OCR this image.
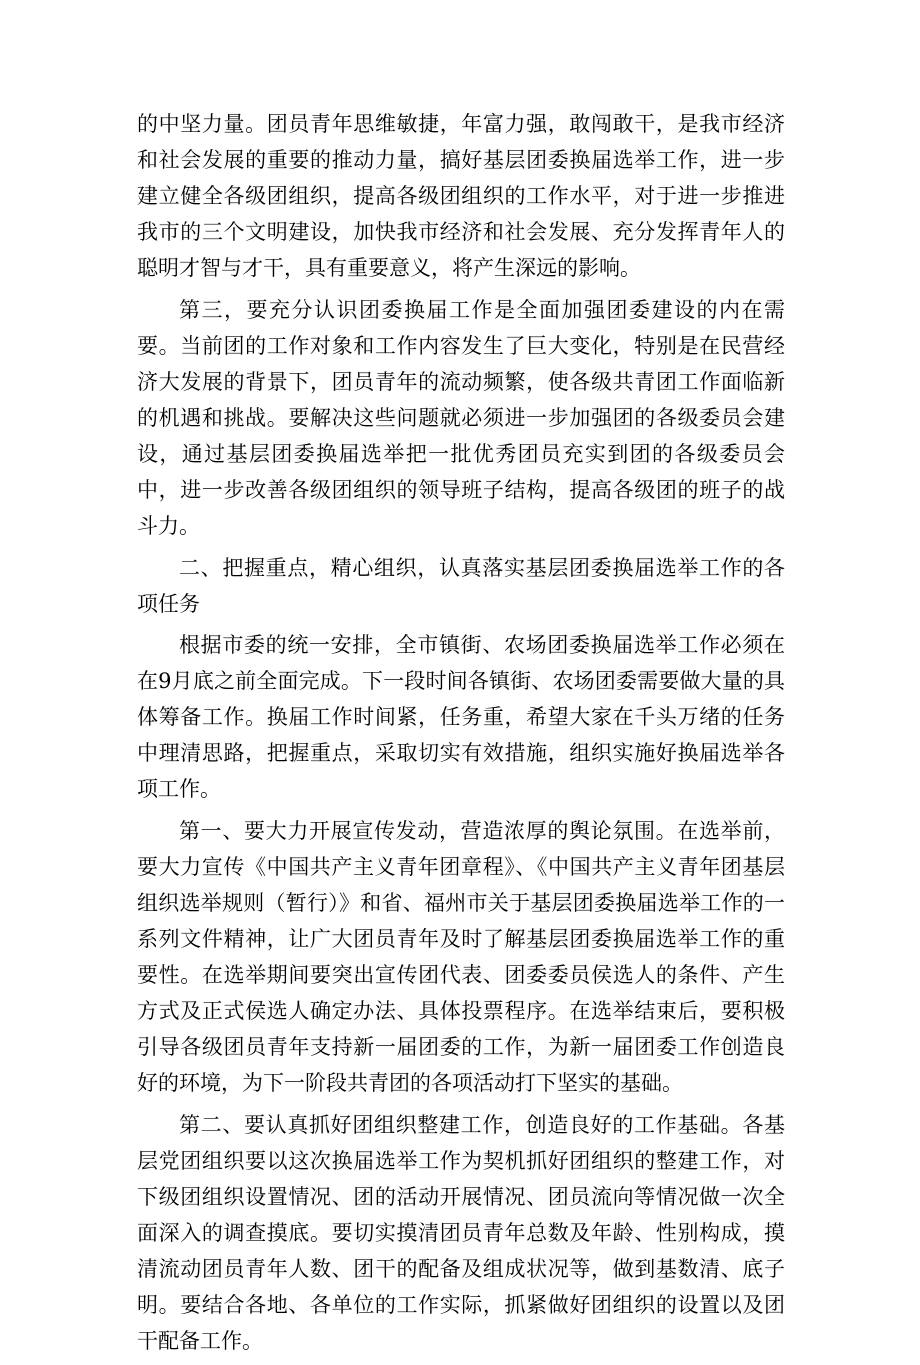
的中坚力量。团员青年思维敏捷，年富力强，敢闯敢干，是我市经济和社会发展的重要的推动力量，搞好基层团委换届选举工作，进一步建立健全各级团组织，提高各级团组织的工作水平，对于进一步推进我市的三个文明建设，加快我市经济和社会发展、充分发挥青年人的聪明才智与才干，具有重要意义，将产生深远的影响。

第三，要充分认识团委换届工作是全面加强团委建设的内在需要。当前团的工作对象和工作内容发生了巨大变化，特别是在民营经济大发展的背景下，团员青年的流动频繁，使各级共青团工作面临新的机遇和挑战。要解决这些问题就必须进一步加强团的各级委员会建设，通过基层团委换届选举把一批优秀团员充实到团的各级委员会中，进一步改善各级团组织的领导班子结构，提高各级团的班子的战斗力。

二、把握重点，精心组织，认真落实基层团委换届选举工作的各项任务

根据市委的统一安排，全市镇街、农场团委换届选举工作必须在在9月底之前全面完成。下一段时间各镇街、农场团委需要做大量的具体筹备工作。换届工作时间紧，任务重，希望大家在千头万绪的任务中理清思路，把握重点，采取切实有效措施，组织实施好换届选举各项工作。

第一、要大力开展宣传发动，营造浓厚的舆论氛围。在选举前，要大力宣传《中国共产主义青年团章程》、《中国共产主义青年团基层组织选举规则（暂行）》和省、福州市关于基层团委换届选举工作的一系列文件精神，让广大团员青年及时了解基层团委换届选举工作的重要性。在选举期间要突出宣传团代表、团委委员侯选人的条件、产生方式及正式侯选人确定办法、具体投票程序。在选举结束后，要积极引导各级团员青年支持新一届团委的工作，为新一届团委工作创造良好的环境，为下一阶段共青团的各项活动打下坚实的基础。

第二、要认真抓好团组织整建工作，创造良好的工作基础。各基层党团组织要以这次换届选举工作为契机抓好团组织的整建工作，对下级团组织设置情况、团的活动开展情况、团员流向等情况做一次全面深入的调查摸底。要切实摸清团员青年总数及年龄、性别构成，摸清流动团员青年人数、团干的配备及组成状况等，做到基数清、底子明。要结合各地、各单位的工作实际，抓紧做好团组织的设置以及团干配备工作。
